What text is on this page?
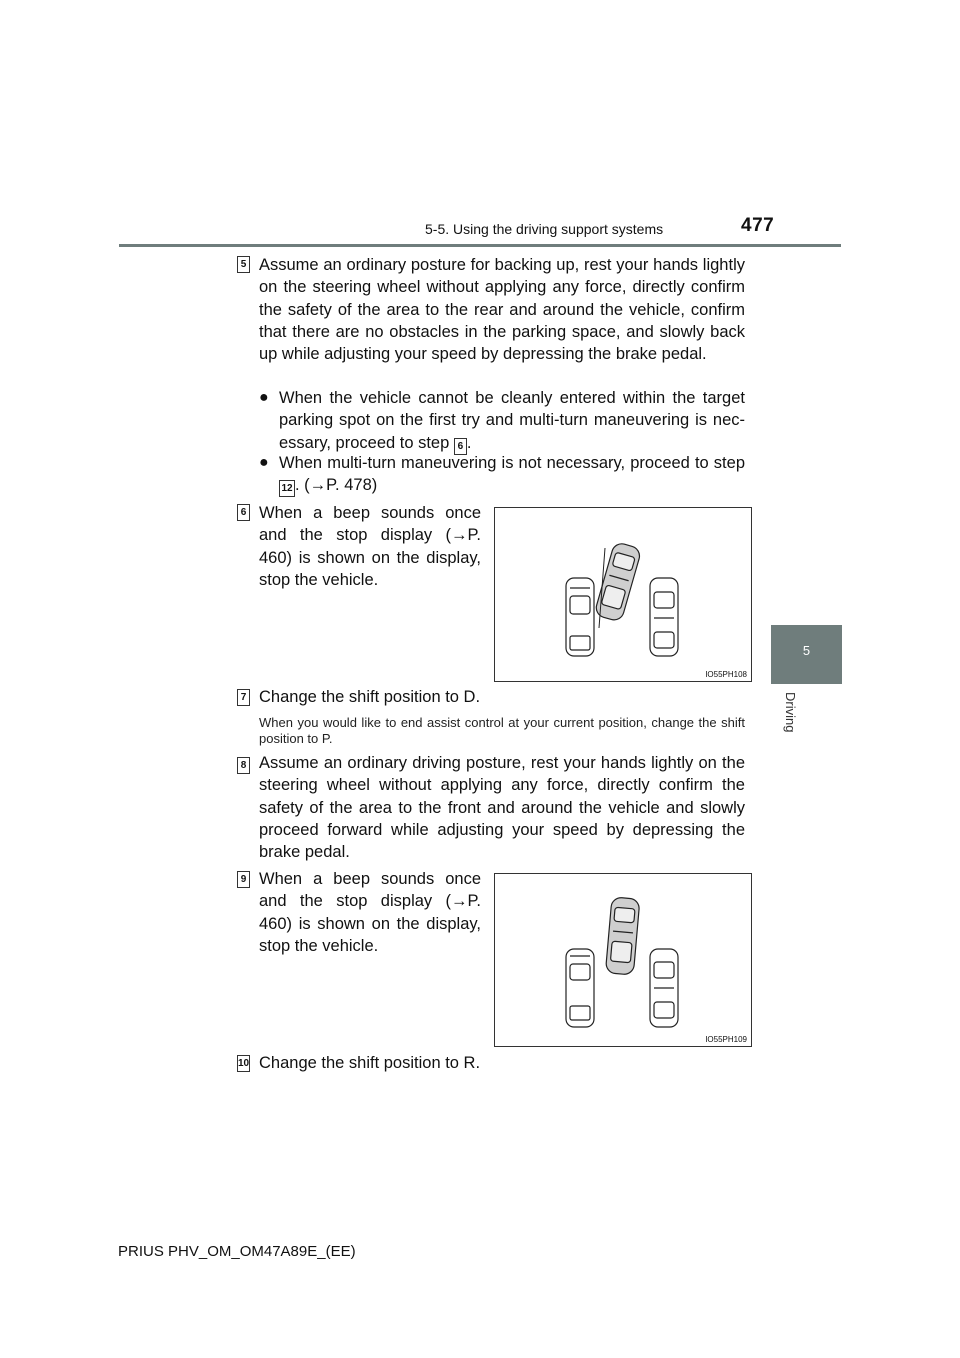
5-5. Using the driving support systems	477
5
Driving
5 Assume an ordinary posture for backing up, rest your hands lightly on the steering wheel without applying any force, directly confirm the safety of the area to the rear and around the vehicle, confirm that there are no obstacles in the parking space, and slowly back up while adjusting your speed by depressing the brake pedal.
● When the vehicle cannot be cleanly entered within the target parking spot on the first try and multi-turn maneuvering is nec-essary, proceed to step 6 .
● When multi-turn maneuvering is not necessary, proceed to step 12 . (→P. 478)
6 When a beep sounds once and the stop display (→P. 460) is shown on the display, stop the vehicle.
IO55PH108
7 Change the shift position to D.
When you would like to end assist control at your current position, change the shift position to P.
8 Assume an ordinary driving posture, rest your hands lightly on the steering wheel without applying any force, directly confirm the safety of the area to the front and around the vehicle and slowly proceed forward while adjusting your speed by depressing the brake pedal.
9 When a beep sounds once and the stop display (→P. 460) is shown on the display, stop the vehicle.
IO55PH109
10 Change the shift position to R.
PRIUS PHV_OM_OM47A89E_(EE)
